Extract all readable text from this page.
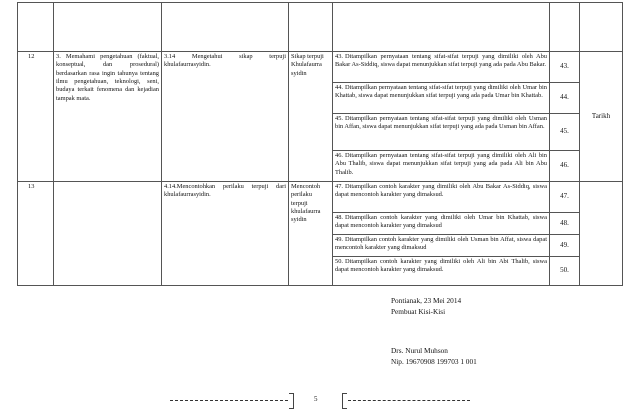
12	3. Memahami pengetahuan (faktual, konseptual, dan prosedural) berdasarkan rasa ingin tahunya tentang ilmu pengetahuan, teknologi, seni, budaya terkait fenomena dan kejadian tampak mata.	3.14 Mengetahui sikap terpuji khulafaurrasyidin.	Sikap terpuji Khulafaurra syidin	43. Ditampilkan pernyataan tentang sifat-sifat terpuji yang dimiliki oleh Abu Bakar As-Siddiq, siswa dapat menunjukkan sifat terpuji yang ada pada Abu Bakar.	43.	Tarikh
				44. Ditampilkan pernyataan tentang sifat-sifat terpuji yang dimiliki oleh Umar bin Khattab, siswa dapat menunjukkan sifat terpuji yang ada pada Umar bin Khattab.	44.	
				45. Ditampilkan pernyataan tentang sifat-sifat terpuji yang dimiliki oleh Usman bin Affan, siswa dapat menunjukkan sifat terpuji yang ada pada Usman bin Affan.	45.	
				46. Ditampilkan pernyataan tentang sifat-sifat terpuji yang dimiliki oleh Ali bin Abu Thalib, siswa dapat menunjukkan sifat terpuji yang ada pada Ali bin Abu Thalib.	46.	
13		4.14.Mencontohkan perilaku terpuji dari khulafaurrasyidin.	Mencontoh perilaku terpuji khulafaurra syidin	47. Ditampilkan contoh karakter yang dimiliki oleh Abu Bakar As-Siddiq, siswa dapat mencontoh karakter yang dimaksud.	47.	
				48. Ditampilkan contoh karakter yang dimiliki oleh Umar bin Khattab, siswa dapat mencontoh karakter yang dimaksud	48.	
				49. Ditampilkan contoh karakter yang dimiliki oleh Usman bin Affat, siswa dapat mencontoh karakter yang dimaksud	49.	
				50. Ditampilkan contoh karakter yang dimiliki oleh Ali bin Abi Thalib, siswa dapat mencontoh karakter yang dimaksud.	50.	
Pontianak, 23 Mei 2014
Pembuat Kisi-Kisi
Drs. Nurul Muhson
Nip. 19670908 199703 1 001
5
